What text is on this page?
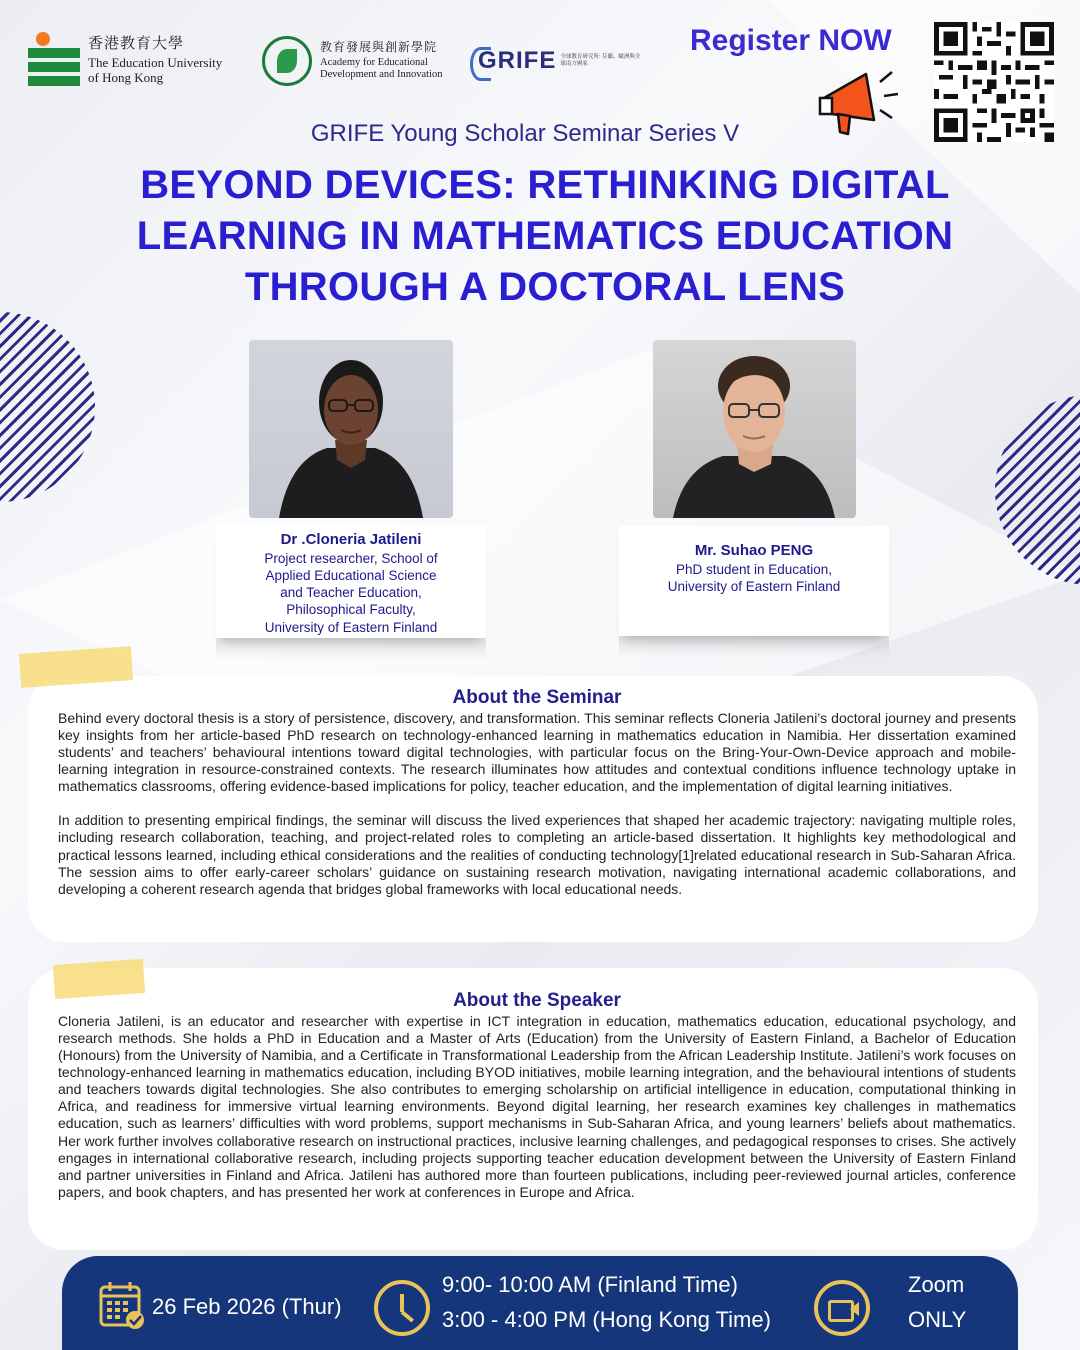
香港教育大學
The Education University
of Hong Kong
教育發展與創新學院
Academy for Educational
Development and Innovation
GRIFE 全球教育研究所: 芬蘭、歐洲與全球南方國家
Register NOW
GRIFE Young Scholar Seminar Series V
BEYOND DEVICES: RETHINKING DIGITAL
LEARNING IN MATHEMATICS EDUCATION
THROUGH A DOCTORAL LENS
Dr .Cloneria Jatileni
Project researcher, School of
Applied Educational Science
and Teacher Education,
Philosophical Faculty,
University of Eastern Finland
Mr. Suhao PENG
PhD student in Education,
University of Eastern Finland
About the Seminar

Behind every doctoral thesis is a story of persistence, discovery, and transformation. This seminar reflects Cloneria Jatileni’s doctoral journey and presents key insights from her article-based PhD research on technology-enhanced learning in mathematics education in Namibia. Her dissertation examined students’ and teachers’ behavioural intentions toward digital technologies, with particular focus on the Bring-Your-Own-Device approach and mobile-learning integration in resource-constrained contexts. The research illuminates how attitudes and contextual conditions influence technology uptake in mathematics classrooms, offering evidence-based implications for policy, teacher education, and the implementation of digital learning initiatives.

In addition to presenting empirical findings, the seminar will discuss the lived experiences that shaped her academic trajectory: navigating multiple roles, including research collaboration, teaching, and project-related roles to completing an article-based dissertation. It highlights key methodological and practical lessons learned, including ethical considerations and the realities of conducting technology[1]related educational research in Sub-Saharan Africa. The session aims to offer early-career scholars’ guidance on sustaining research motivation, navigating international academic collaborations, and developing a coherent research agenda that bridges global frameworks with local educational needs.

About the Speaker

Cloneria Jatileni, is an educator and researcher with expertise in ICT integration in education, mathematics education, educational psychology, and research methods. She holds a PhD in Education and a Master of Arts (Education) from the University of Eastern Finland, a Bachelor of Education (Honours) from the University of Namibia, and a Certificate in Transformational Leadership from the African Leadership Institute. Jatileni’s work focuses on technology-enhanced learning in mathematics education, including BYOD initiatives, mobile learning integration, and the behavioural intentions of students and teachers towards digital technologies. She also contributes to emerging scholarship on artificial intelligence in education, computational thinking in Africa, and readiness for immersive virtual learning environments. Beyond digital learning, her research examines key challenges in mathematics education, such as learners’ difficulties with word problems, support mechanisms in Sub-Saharan Africa, and young learners’ beliefs about mathematics. Her work further involves collaborative research on instructional practices, inclusive learning challenges, and pedagogical responses to crises. She actively engages in international collaborative research, including projects supporting teacher education development between the University of Eastern Finland and partner universities in Finland and Africa. Jatileni has authored more than fourteen publications, including peer-reviewed journal articles, conference papers, and book chapters, and has presented her work at conferences in Europe and Africa.

26 Feb 2026 (Thur)
9:00- 10:00 AM (Finland Time)
3:00 - 4:00 PM (Hong Kong Time)
Zoom
ONLY
